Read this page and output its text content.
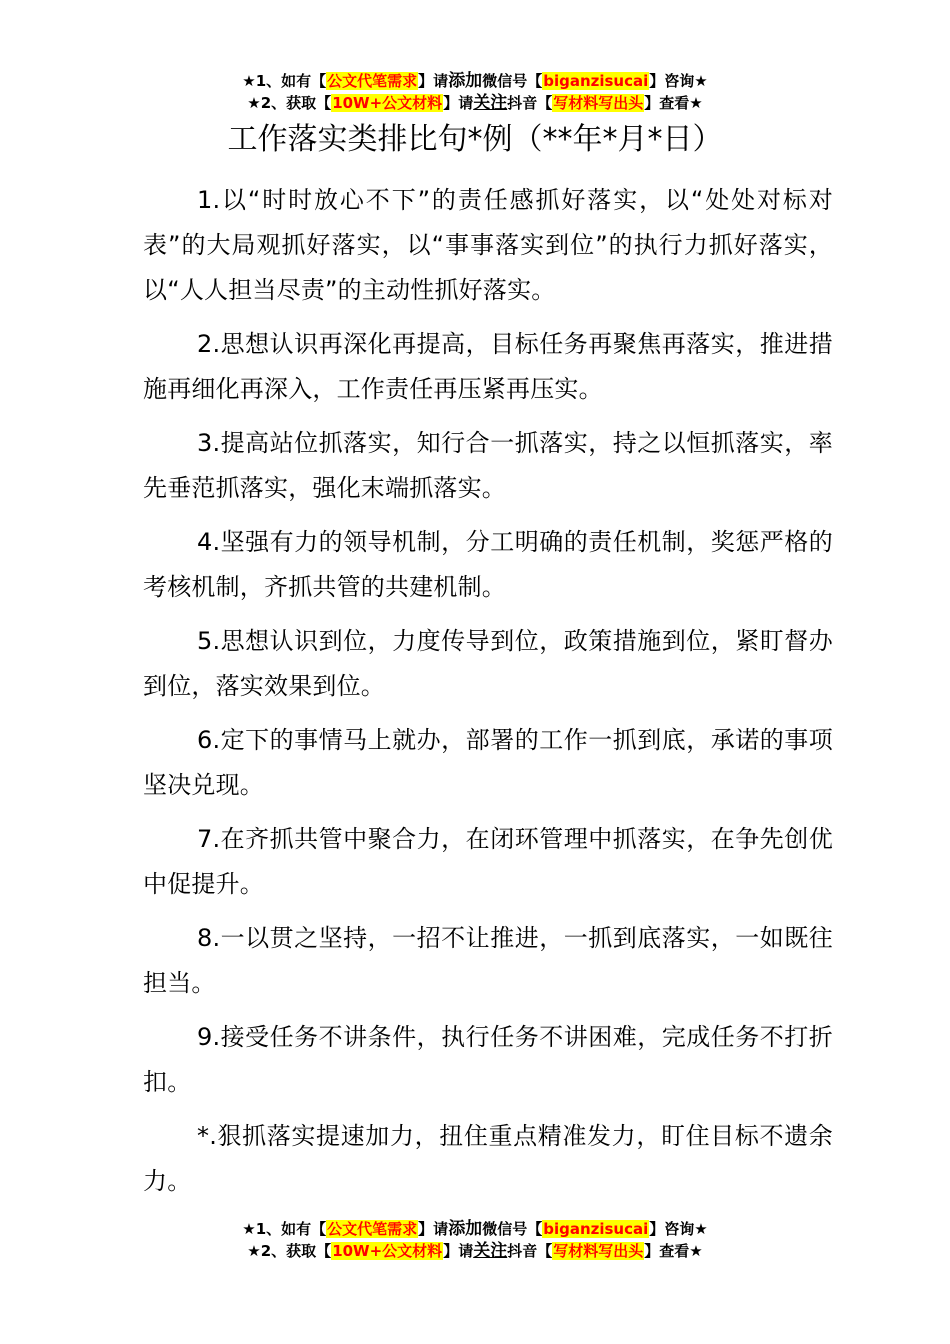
★1、如有【公文代笔需求】请添加微信号【biganzisucai】咨询★
★2、获取【10W+公文材料】请关注抖音【写材料写出头】查看★
工作落实类排比句*例（**年*月*日）

1.以“时时放心不下”的责任感抓好落实，以“处处对标对表”的大局观抓好落实，以“事事落实到位”的执行力抓好落实，以“人人担当尽责”的主动性抓好落实。

2.思想认识再深化再提高，目标任务再聚焦再落实，推进措施再细化再深入，工作责任再压紧再压实。

3.提高站位抓落实，知行合一抓落实，持之以恒抓落实，率先垂范抓落实，强化末端抓落实。

4.坚强有力的领导机制，分工明确的责任机制，奖惩严格的考核机制，齐抓共管的共建机制。

5.思想认识到位，力度传导到位，政策措施到位，紧盯督办到位，落实效果到位。

6.定下的事情马上就办，部署的工作一抓到底，承诺的事项坚决兑现。

7.在齐抓共管中聚合力，在闭环管理中抓落实，在争先创优中促提升。

8.一以贯之坚持，一招不让推进，一抓到底落实，一如既往担当。

9.接受任务不讲条件，执行任务不讲困难，完成任务不打折扣。

*.狠抓落实提速加力，扭住重点精准发力，盯住目标不遗余力。

★1、如有【公文代笔需求】请添加微信号【biganzisucai】咨询★
★2、获取【10W+公文材料】请关注抖音【写材料写出头】查看★
